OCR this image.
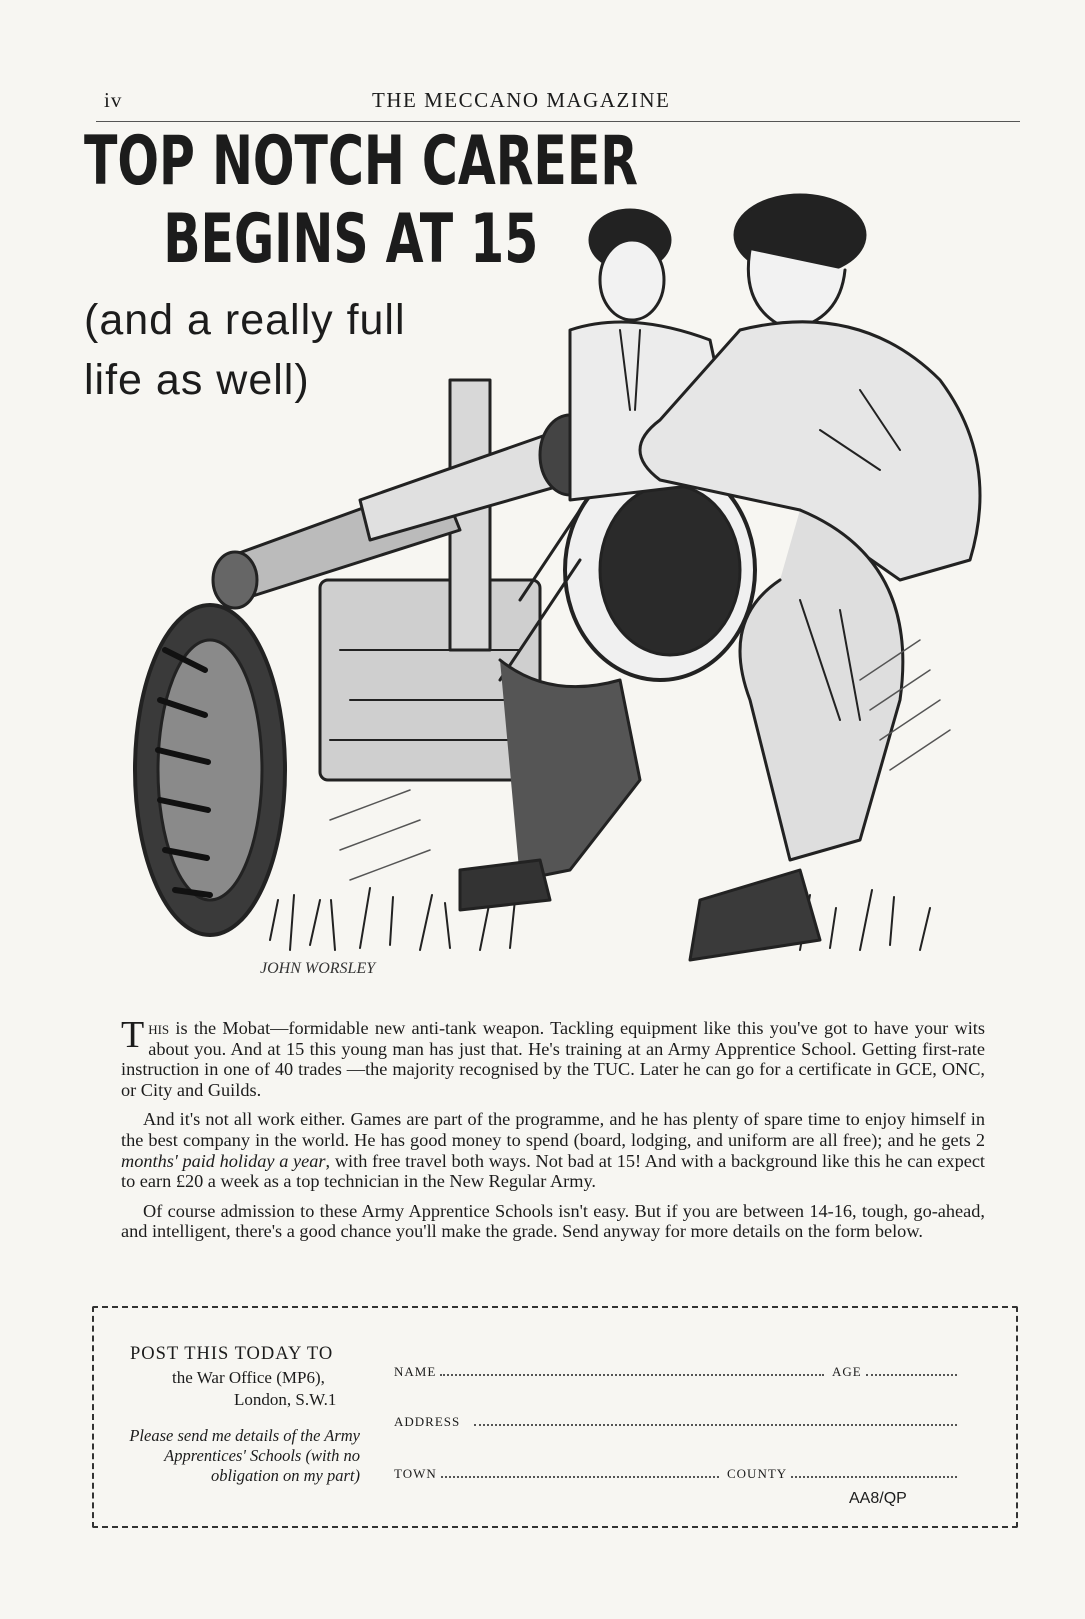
iv	THE MECCANO MAGAZINE
TOP NOTCH CAREER
BEGINS AT 15
(and a really full
life as well)
JOHN WORSLEY

This is the Mobat—formidable new anti-tank weapon. Tackling equipment like this you've got to have your wits about you. And at 15 this young man has just that. He's training at an Army Apprentice School. Getting first-rate instruction in one of 40 trades —the majority recognised by the TUC. Later he can go for a certificate in GCE, ONC, or City and Guilds.

And it's not all work either. Games are part of the programme, and he has plenty of spare time to enjoy himself in the best company in the world. He has good money to spend (board, lodging, and uniform are all free); and he gets 2 months' paid holiday a year, with free travel both ways. Not bad at 15! And with a background like this he can expect to earn £20 a week as a top technician in the New Regular Army.

Of course admission to these Army Apprentice Schools isn't easy. But if you are between 14-16, tough, go-ahead, and intelligent, there's a good chance you'll make the grade. Send anyway for more details on the form below.

POST THIS TODAY TO
the War Office (MP6),
London, S.W.1
Please send me details of the Army Apprentices' Schools (with no obligation on my part)
NAME	AGE
ADDRESS
TOWN	COUNTY
AA8/QP
